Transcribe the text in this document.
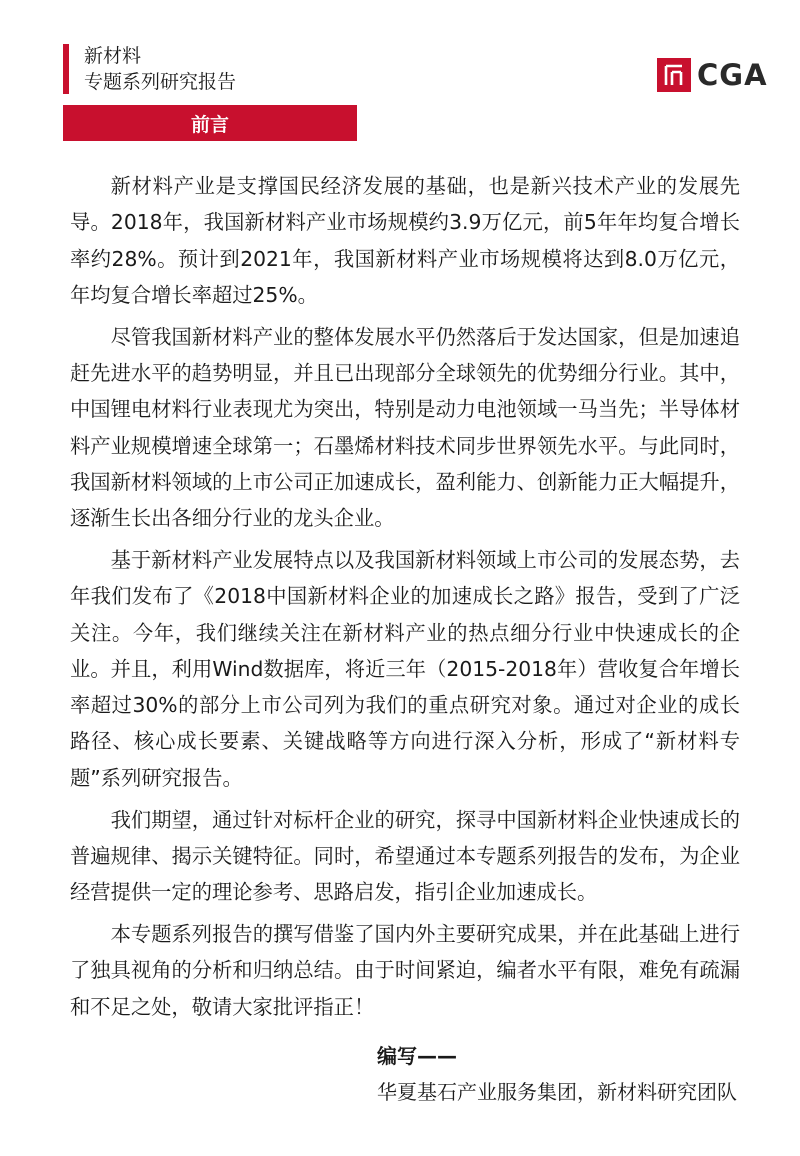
新材料
专题系列研究报告	CGA
前言

新材料产业是支撑国民经济发展的基础，也是新兴技术产业的发展先导。2018年，我国新材料产业市场规模约3.9万亿元，前5年年均复合增长率约28%。预计到2021年，我国新材料产业市场规模将达到8.0万亿元，年均复合增长率超过25%。

尽管我国新材料产业的整体发展水平仍然落后于发达国家，但是加速追赶先进水平的趋势明显，并且已出现部分全球领先的优势细分行业。其中，中国锂电材料行业表现尤为突出，特别是动力电池领域一马当先；半导体材料产业规模增速全球第一；石墨烯材料技术同步世界领先水平。与此同时，我国新材料领域的上市公司正加速成长，盈利能力、创新能力正大幅提升，逐渐生长出各细分行业的龙头企业。

基于新材料产业发展特点以及我国新材料领域上市公司的发展态势，去年我们发布了《2018中国新材料企业的加速成长之路》报告，受到了广泛关注。今年，我们继续关注在新材料产业的热点细分行业中快速成长的企业。并且，利用Wind数据库，将近三年（2015-2018年）营收复合年增长率超过30%的部分上市公司列为我们的重点研究对象。通过对企业的成长路径、核心成长要素、关键战略等方向进行深入分析，形成了“新材料专题”系列研究报告。

我们期望，通过针对标杆企业的研究，探寻中国新材料企业快速成长的普遍规律、揭示关键特征。同时，希望通过本专题系列报告的发布，为企业经营提供一定的理论参考、思路启发，指引企业加速成长。

本专题系列报告的撰写借鉴了国内外主要研究成果，并在此基础上进行了独具视角的分析和归纳总结。由于时间紧迫，编者水平有限，难免有疏漏和不足之处，敬请大家批评指正！

编写——
华夏基石产业服务集团，新材料研究团队
